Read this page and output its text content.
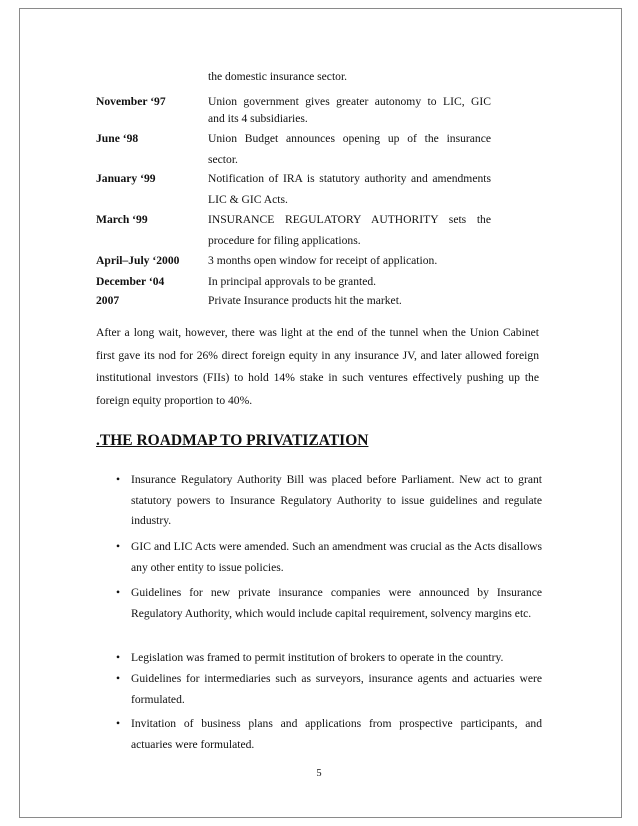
the domestic insurance sector.
November ‘97	Union government gives greater autonomy to LIC, GIC
and its 4 subsidiaries.
June ‘98	Union Budget announces opening up of the insurance
sector.
January ‘99	Notification of IRA is statutory authority and amendments
LIC & GIC Acts.
March ‘99	INSURANCE REGULATORY AUTHORITY sets the
procedure for filing applications.
April–July ‘2000 3 months open window for receipt of application.
December ‘04	In principal approvals to be granted.
2007	Private Insurance products hit the market.
After a long wait, however, there was light at the end of the tunnel when the Union Cabinet first gave its nod for 26% direct foreign equity in any insurance JV, and later allowed foreign institutional investors (FIIs) to hold 14% stake in such ventures effectively pushing up the foreign equity proportion to 40%.
.THE ROADMAP TO PRIVATIZATION
• Insurance Regulatory Authority Bill was placed before Parliament. New act to grant statutory powers to Insurance Regulatory Authority to issue guidelines and regulate industry.
• GIC and LIC Acts were amended. Such an amendment was crucial as the Acts disallows any other entity to issue policies.
• Guidelines for new private insurance companies were announced by Insurance Regulatory Authority, which would include capital requirement, solvency margins etc.
• Legislation was framed to permit institution of brokers to operate in the country.
• Guidelines for intermediaries such as surveyors, insurance agents and actuaries were formulated.
• Invitation of business plans and applications from prospective participants, and actuaries were formulated.
5
